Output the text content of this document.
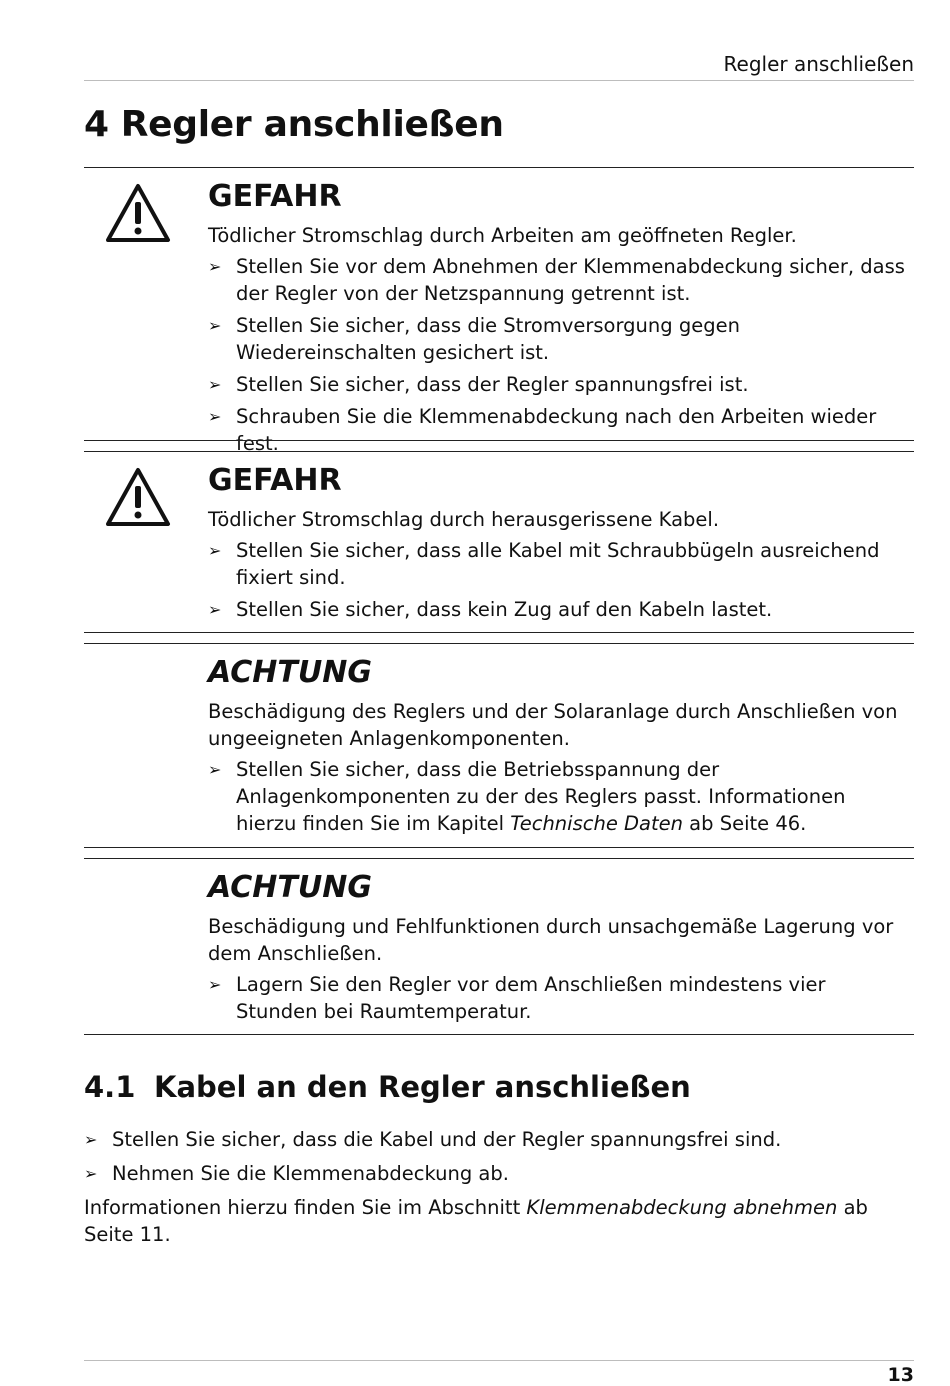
Regler anschließen
4 Regler anschließen
GEFAHR
Tödlicher Stromschlag durch Arbeiten am geöffneten Regler.
➢ Stellen Sie vor dem Abnehmen der Klemmenabdeckung sicher, dass der Regler von der Netzspannung getrennt ist.
➢ Stellen Sie sicher, dass die Stromversorgung gegen Wiedereinschalten gesichert ist.
➢ Stellen Sie sicher, dass der Regler spannungsfrei ist.
➢ Schrauben Sie die Klemmenabdeckung nach den Arbeiten wieder fest.
GEFAHR
Tödlicher Stromschlag durch herausgerissene Kabel.
➢ Stellen Sie sicher, dass alle Kabel mit Schraubbügeln ausreichend fixiert sind.
➢ Stellen Sie sicher, dass kein Zug auf den Kabeln lastet.
ACHTUNG
Beschädigung des Reglers und der Solaranlage durch Anschließen von ungeeigneten Anlagenkomponenten.
➢ Stellen Sie sicher, dass die Betriebsspannung der Anlagenkomponenten zu der des Reglers passt. Informationen hierzu finden Sie im Kapitel Technische Daten ab Seite 46.
ACHTUNG
Beschädigung und Fehlfunktionen durch unsachgemäße Lagerung vor dem Anschließen.
➢ Lagern Sie den Regler vor dem Anschließen mindestens vier Stunden bei Raumtemperatur.
4.1 Kabel an den Regler anschließen
➢ Stellen Sie sicher, dass die Kabel und der Regler spannungsfrei sind.
➢ Nehmen Sie die Klemmenabdeckung ab.

Informationen hierzu finden Sie im Abschnitt Klemmenabdeckung abnehmen ab Seite 11.

13
